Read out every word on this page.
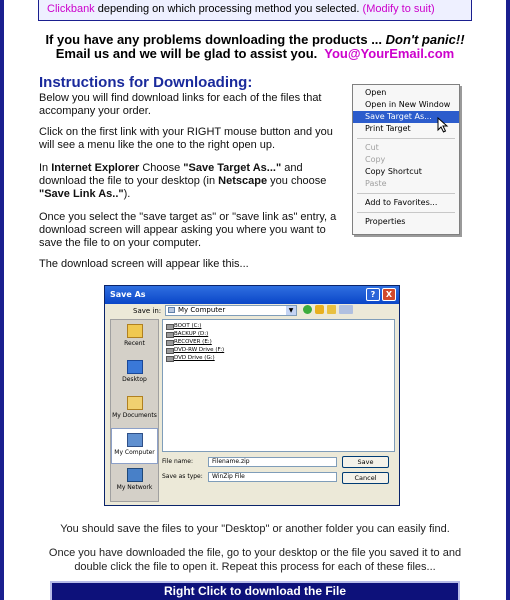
Clickbank depending on which processing method you selected. (Modify to suit)
If you have any problems downloading the products ... Don't panic!!
Email us and we will be glad to assist you. You@YourEmail.com
Instructions for Downloading:
Below you will find download links for each of the files that accompany your order.
Click on the first link with your RIGHT mouse button and you will see a menu like the one to the right open up.
In Internet Explorer Choose "Save Target As..." and download the file to your desktop (in Netscape you choose "Save Link As..").
Once you select the "save target as" or "save link as" entry, a download screen will appear asking you where you want to save the file to on your computer.
The download screen will appear like this...
Open
Open in New Window
Save Target As...
Print Target
Cut
Copy
Copy Shortcut
Paste
Add to Favorites...
Properties
Save As	?	X
Save in:	My Computer	▼
Recent
Desktop
My Documents
My Computer
My Network
BOOT (C:)
BACKUP (D:)
RECOVER (E:)
DVD-RW Drive (F:)
DVD Drive (G:)
File name:	Filename.zip
Save as type:	WinZip File
Save
Cancel
You should save the files to your "Desktop" or another folder you can easily find.
Once you have downloaded the file, go to your desktop or the file you saved it to and double click the file to open it. Repeat this process for each of these files...
Right Click to download the File
